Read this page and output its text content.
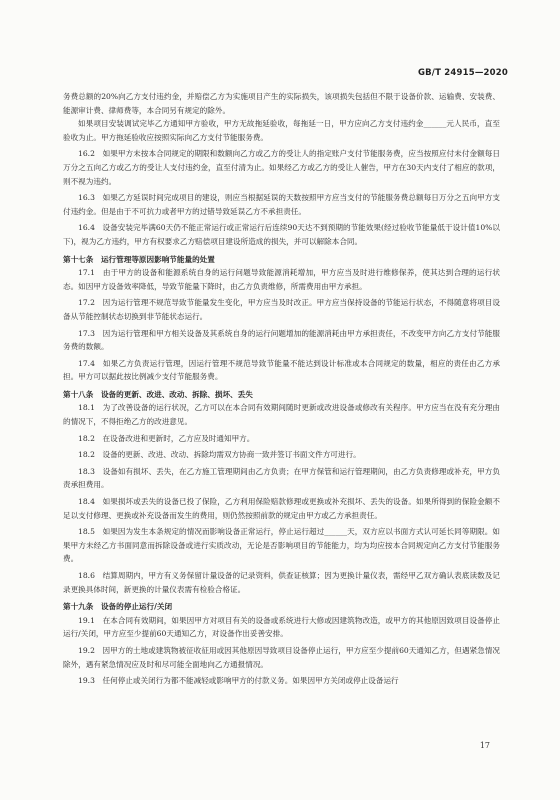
GB/T 24915—2020

务费总额的20%向乙方支付违约金，并赔偿乙方为实施项目产生的实际损失，该项损失包括但不限于设备价款、运输费、安装费、能源审计费、律师费等，本合同另有规定的除外。

如果项目安装调试完毕乙方通知甲方验收，甲方无故拖延验收，每拖延一日，甲方应向乙方支付违约金______元人民币，直至验收为止。甲方拖延验收应按照实际向乙方支付节能服务费。

16.2　如果甲方未按本合同规定的期限和数额向乙方或乙方的受让人的指定账户支付节能服务费，应当按照应付未付金额每日万分之五向乙方或乙方的受让人支付违约金，直至付清为止。如果经乙方或乙方的受让人催告，甲方在30天内支付了相应的款项，则不视为违约。

16.3　如果乙方延误时间完成项目的建设，则应当根据延误的天数按照甲方应当支付的节能服务费总额每日万分之五向甲方支付违约金。但是由于不可抗力或者甲方的过错导致延误乙方不承担责任。

16.4　设备安装完毕满60天仍不能正常运行或正常运行后连续90天达不到预期的节能效果(经过验收节能量低于设计值10%以下)，视为乙方违约，甲方有权要求乙方赔偿项目建设所造成的损失，并可以解除本合同。

第十七条　运行管理等原因影响节能量的处置

17.1　由于甲方的设备和能源系统自身的运行问题导致能源消耗增加，甲方应当及时进行维修保养，使其达到合理的运行状态。如因甲方设备效率降低，导致节能量下降时，由乙方负责维修，所需费用由甲方承担。

17.2　因为运行管理不规范导致节能量发生变化，甲方应当及时改正。甲方应当保持设备的节能运行状态，不得随意将项目设备从节能控制状态切换到非节能状态运行。

17.3　因为运行管理和甲方相关设备及其系统自身的运行问题增加的能源消耗由甲方承担责任，不改变甲方向乙方支付节能服务费的数额。

17.4　如果乙方负责运行管理，因运行管理不规范导致节能量不能达到设计标准或本合同规定的数量，相应的责任由乙方承担。甲方可以据此按比例减少支付节能服务费。

第十八条　设备的更新、改进、改动、拆除、损坏、丢失

18.1　为了改善设备的运行状况，乙方可以在本合同有效期间随时更新或改进设备或修改有关程序。甲方应当在没有充分理由的情况下，不得拒绝乙方的改进意见。

18.2　在设备改进和更新时，乙方应及时通知甲方。

18.2　设备的更新、改进、改动、拆除均需双方协商一致并签订书面文件方可进行。

18.3　设备如有损坏、丢失，在乙方施工管理期间由乙方负责；在甲方保管和运行管理期间，由乙方负责修理或补充，甲方负责承担费用。

18.4　如果损坏或丢失的设备已投了保险，乙方利用保险赔款修理或更换或补充损坏、丢失的设备。如果所得到的保险金额不足以支付修理、更换或补充设备而发生的费用，则仍然按照前款的规定由甲方或乙方承担责任。

18.5　如果因为发生本条规定的情况而影响设备正常运行，停止运行超过______天，双方应以书面方式认可延长同等期限。如果甲方未经乙方书面同意而拆除设备或进行实质改动，无论是否影响项目的节能能力，均为均应按本合同规定向乙方支付节能服务费。

18.6　结算周期内，甲方有义务保留计量设备的记录资料，供查证核算；因为更换计量仪表，需经甲乙双方确认表底读数及记录更换具体时间，新更换的计量仪表需有检验合格证。

第十九条　设备的停止运行/关闭

19.1　在本合同有效期间，如果因甲方对项目有关的设备或系统进行大修或因建筑物改造，或甲方的其他原因致项目设备停止运行/关闭，甲方应至少提前60天通知乙方，对设备作出妥善安排。

19.2　因甲方的土地或建筑物被征收征用或因其他原因导致项目设备停止运行，甲方应至少提前60天通知乙方，但遇紧急情况除外，遇有紧急情况应及时和尽可能全面地向乙方通报情况。

19.3　任何停止或关闭行为都不能减轻或影响甲方的付款义务。如果因甲方关闭或停止设备运行

17
